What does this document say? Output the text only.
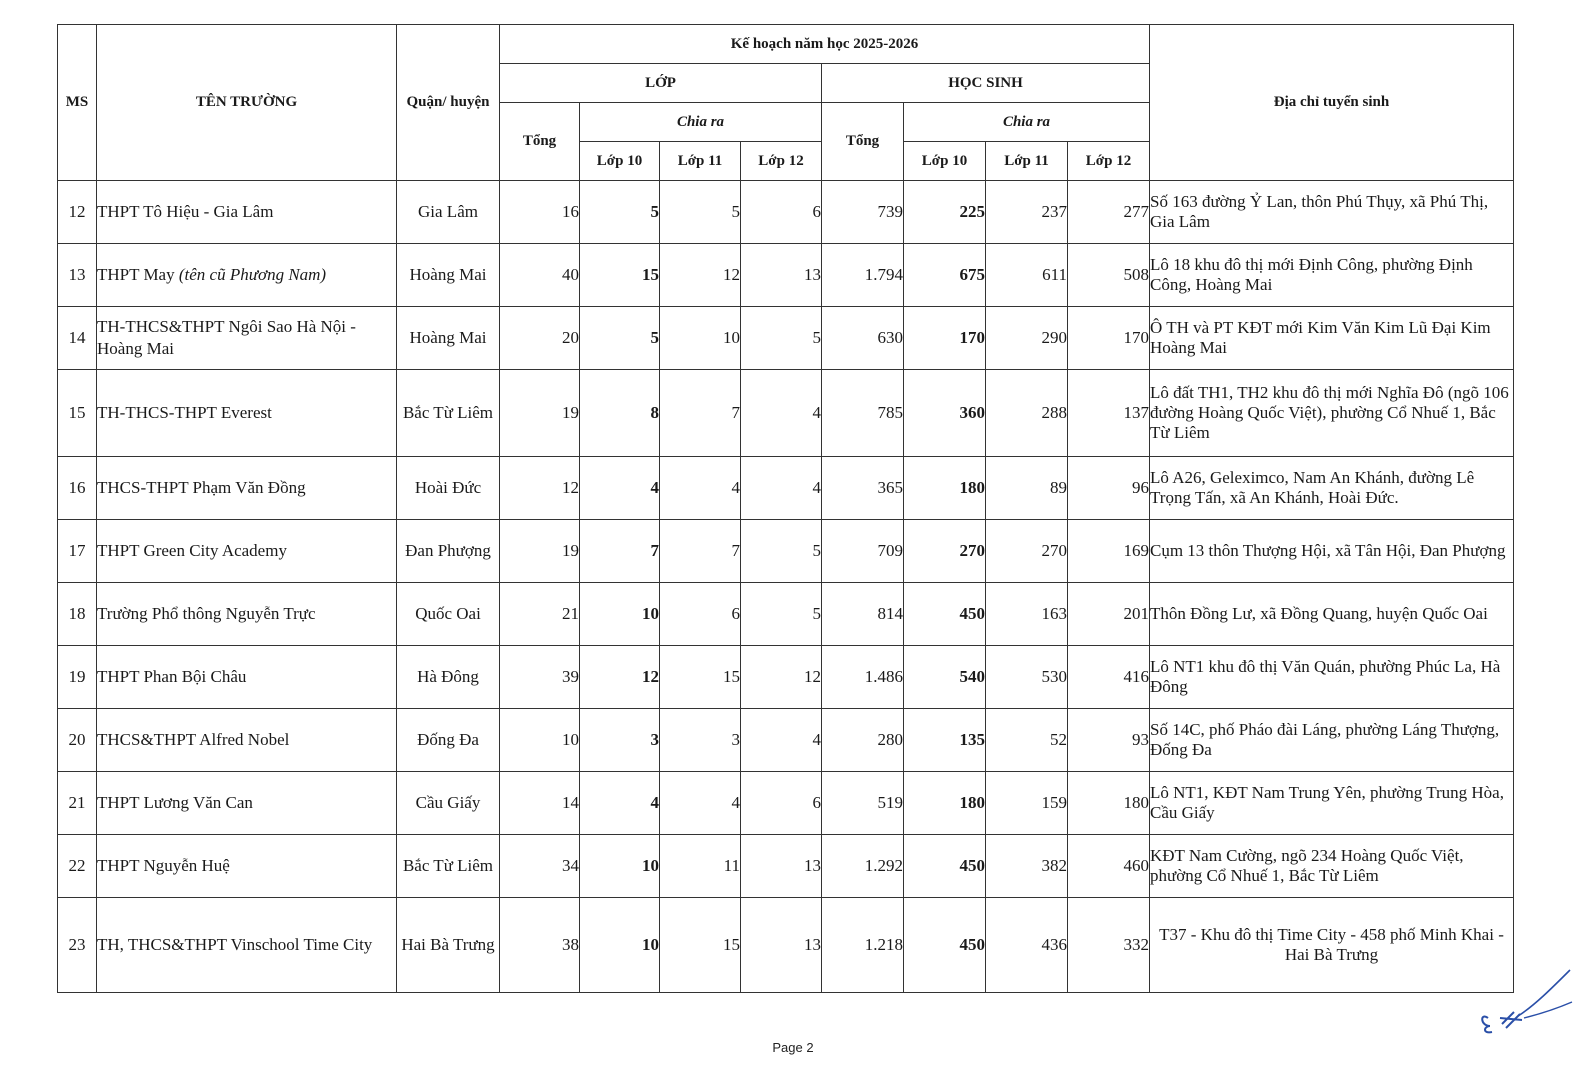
MS	TÊN TRƯỜNG	Quận/ huyện	Kế hoạch năm học 2025-2026								Địa chỉ tuyển sinh
			LỚP				HỌC SINH				
			Tổng	Chia ra			Tổng	Chia ra			
				Lớp 10	Lớp 11	Lớp 12		Lớp 10	Lớp 11	Lớp 12	
12	THPT Tô Hiệu - Gia Lâm	Gia Lâm	16	5	5	6	739	225	237	277	Số 163 đường Ỷ Lan, thôn Phú Thụy, xã Phú Thị, Gia Lâm
13	THPT May (tên cũ Phương Nam)	Hoàng Mai	40	15	12	13	1.794	675	611	508	Lô 18 khu đô thị mới Định Công, phường Định Công, Hoàng Mai
14	TH-THCS&THPT Ngôi Sao Hà Nội - Hoàng Mai	Hoàng Mai	20	5	10	5	630	170	290	170	Ô TH và PT KĐT mới Kim Văn Kim Lũ Đại Kim Hoàng Mai
15	TH-THCS-THPT Everest	Bắc Từ Liêm	19	8	7	4	785	360	288	137	Lô đất TH1, TH2 khu đô thị mới Nghĩa Đô (ngõ 106 đường Hoàng Quốc Việt), phường Cổ Nhuế 1, Bắc Từ Liêm
16	THCS-THPT Phạm Văn Đồng	Hoài Đức	12	4	4	4	365	180	89	96	Lô A26, Geleximco, Nam An Khánh, đường Lê Trọng Tấn, xã An Khánh, Hoài Đức.
17	THPT Green City Academy	Đan Phượng	19	7	7	5	709	270	270	169	Cụm 13 thôn Thượng Hội, xã Tân Hội, Đan Phượng
18	Trường Phổ thông Nguyễn Trực	Quốc Oai	21	10	6	5	814	450	163	201	Thôn Đồng Lư, xã Đồng Quang, huyện Quốc Oai
19	THPT Phan Bội Châu	Hà Đông	39	12	15	12	1.486	540	530	416	Lô NT1 khu đô thị Văn Quán, phường Phúc La, Hà Đông
20	THCS&THPT Alfred Nobel	Đống Đa	10	3	3	4	280	135	52	93	Số 14C, phố Pháo đài Láng, phường Láng Thượng, Đống Đa
21	THPT Lương Văn Can	Cầu Giấy	14	4	4	6	519	180	159	180	Lô NT1, KĐT Nam Trung Yên, phường Trung Hòa, Cầu Giấy
22	THPT Nguyễn Huệ	Bắc Từ Liêm	34	10	11	13	1.292	450	382	460	KĐT Nam Cường, ngõ 234 Hoàng Quốc Việt, phường Cổ Nhuế 1, Bắc Từ Liêm
23	TH, THCS&THPT Vinschool Time City	Hai Bà Trưng	38	10	15	13	1.218	450	436	332	T37 - Khu đô thị Time City - 458 phố Minh Khai - Hai Bà Trưng
Page 2
